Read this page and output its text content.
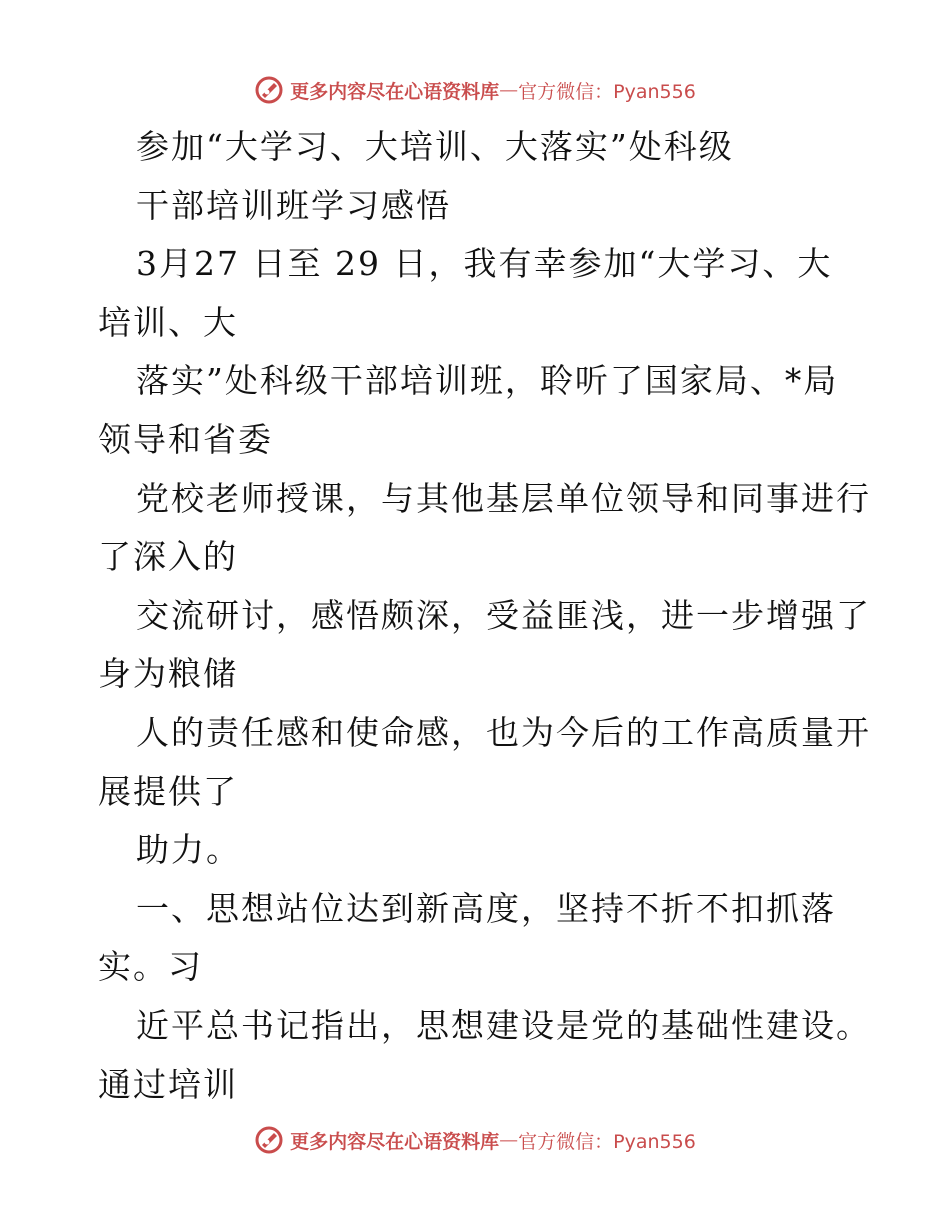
更多内容尽在心语资料库 — 官方微信：Pyan556
参加“大学习、大培训、大落实”处科级
干部培训班学习感悟
3月27 日至 29 日，我有幸参加“大学习、大
培训、大
落实”处科级干部培训班，聆听了国家局、*局
领导和省委
党校老师授课，与其他基层单位领导和同事进行
了深入的
交流研讨，感悟颇深，受益匪浅，进一步增强了
身为粮储
人的责任感和使命感，也为今后的工作高质量开
展提供了
助力。
一、思想站位达到新高度，坚持不折不扣抓落
实。习
近平总书记指出，思想建设是党的基础性建设。
通过培训
更多内容尽在心语资料库 — 官方微信：Pyan556
